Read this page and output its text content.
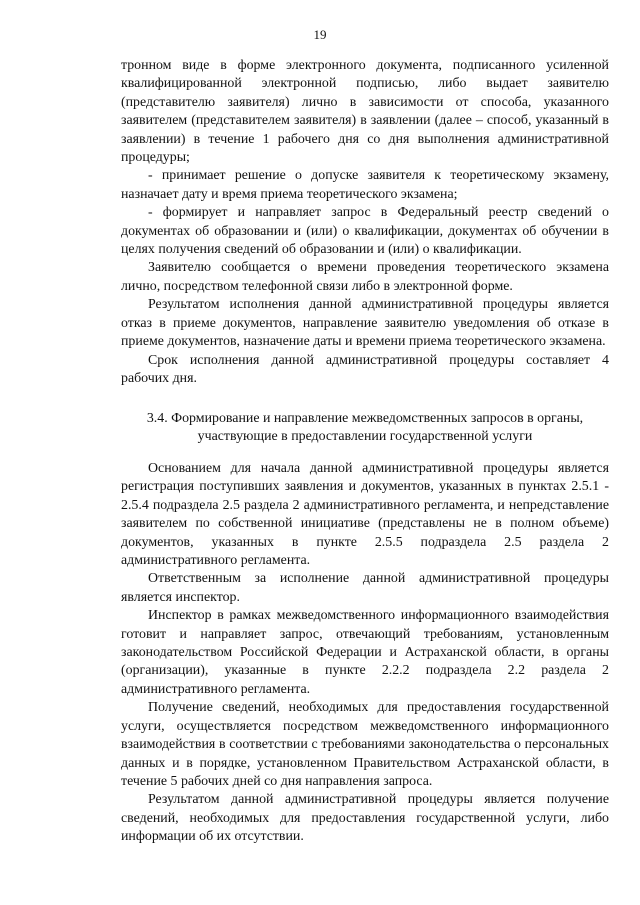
19

тронном виде в форме электронного документа, подписанного усиленной квалифицированной электронной подписью, либо выдает заявителю (представителю заявителя) лично в зависимости от способа, указанного заявителем (представителем заявителя) в заявлении (далее – способ, указанный в заявлении) в течение 1 рабочего дня со дня выполнения административной процедуры;

- принимает решение о допуске заявителя к теоретическому экзамену, назначает дату и время приема теоретического экзамена;

- формирует и направляет запрос в Федеральный реестр сведений о документах об образовании и (или) о квалификации, документах об обучении в целях получения сведений об образовании и (или) о квалификации.

Заявителю сообщается о времени проведения теоретического экзамена лично, посредством телефонной связи либо в электронной форме.

Результатом исполнения данной административной процедуры является отказ в приеме документов, направление заявителю уведомления об отказе в приеме документов, назначение даты и времени приема теоретического экзамена.

Срок исполнения данной административной процедуры составляет 4 рабочих дня.

3.4. Формирование и направление межведомственных запросов в органы, участвующие в предоставлении государственной услуги

Основанием для начала данной административной процедуры является регистрация поступивших заявления и документов, указанных в пунктах 2.5.1 - 2.5.4 подраздела 2.5 раздела 2 административного регламента, и непредставление заявителем по собственной инициативе (представлены не в полном объеме) документов, указанных в пункте 2.5.5 подраздела 2.5 раздела 2 административного регламента.

Ответственным за исполнение данной административной процедуры является инспектор.

Инспектор в рамках межведомственного информационного взаимодействия готовит и направляет запрос, отвечающий требованиям, установленным законодательством Российской Федерации и Астраханской области, в органы (организации), указанные в пункте 2.2.2 подраздела 2.2 раздела 2 административного регламента.

Получение сведений, необходимых для предоставления государственной услуги, осуществляется посредством межведомственного информационного взаимодействия в соответствии с требованиями законодательства о персональных данных и в порядке, установленном Правительством Астраханской области, в течение 5 рабочих дней со дня направления запроса.

Результатом данной административной процедуры является получение сведений, необходимых для предоставления государственной услуги, либо информации об их отсутствии.
